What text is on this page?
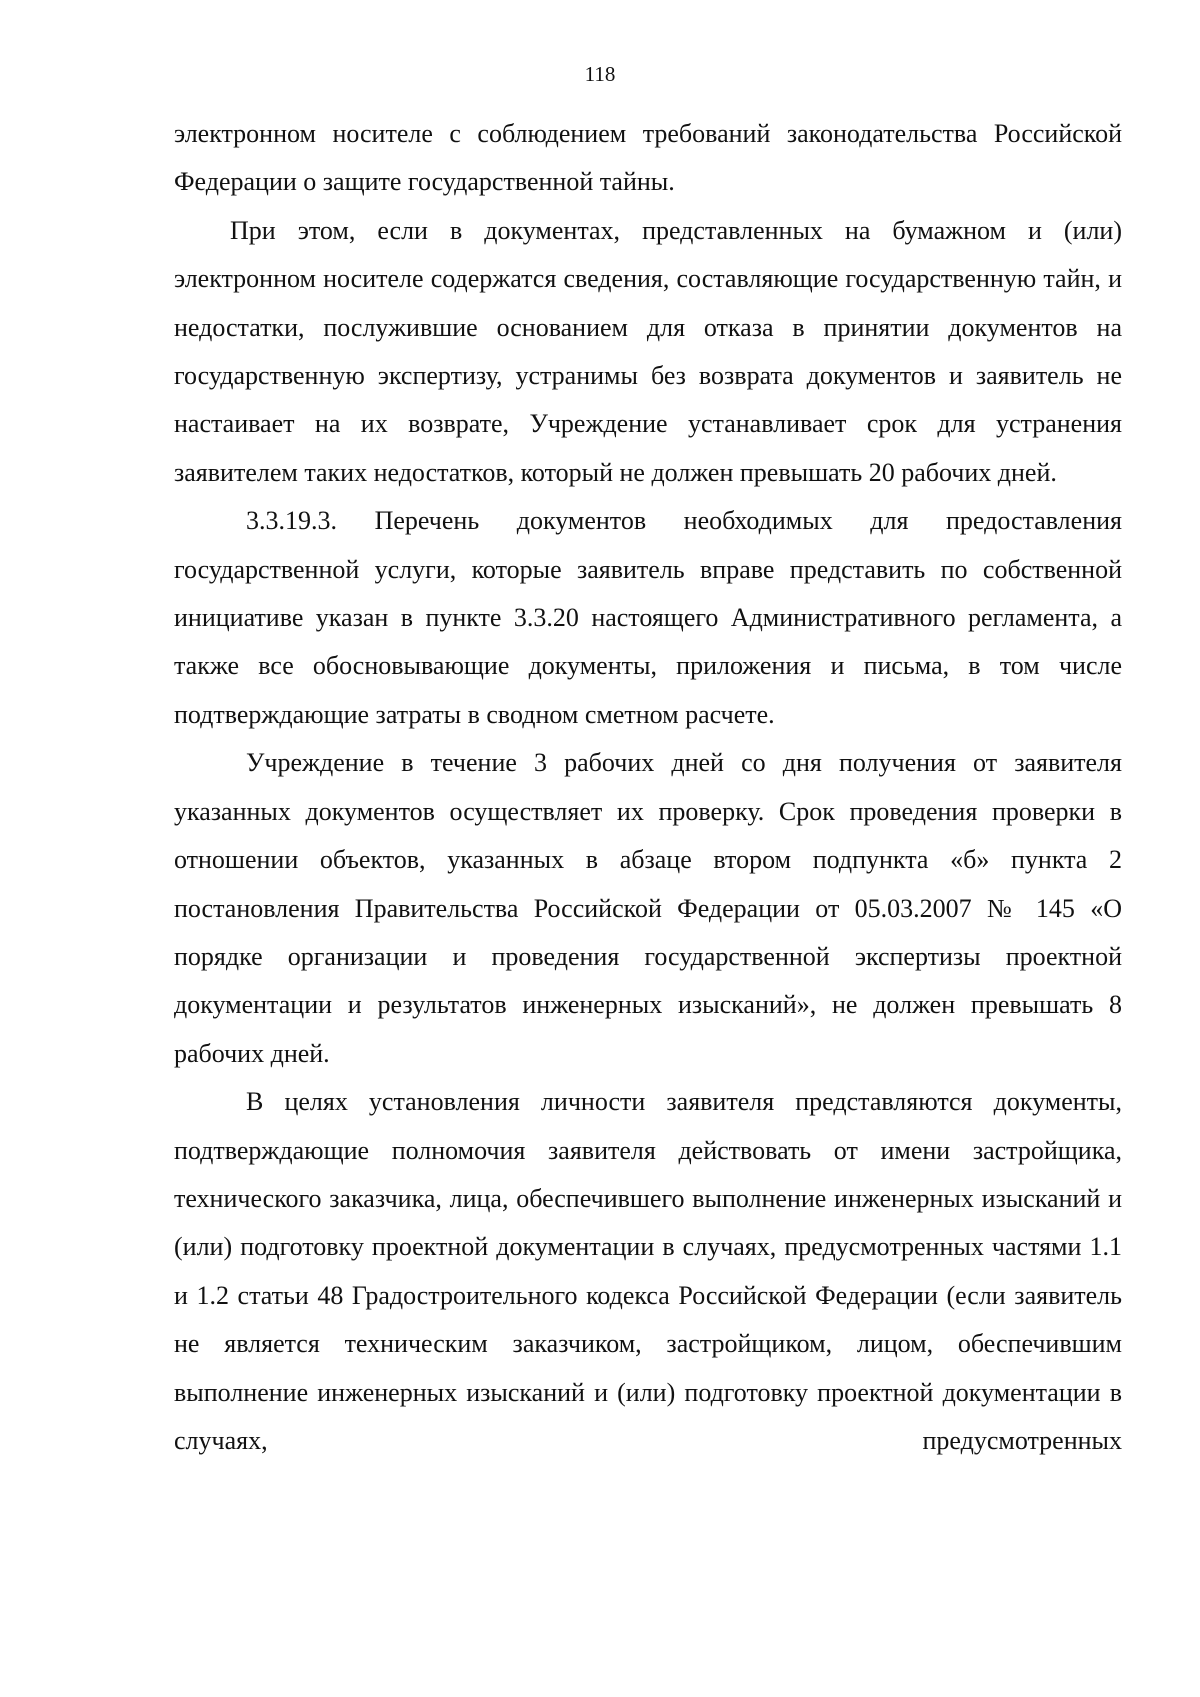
118

электронном носителе с соблюдением требований законодательства Российской Федерации о защите государственной тайны.

При этом, если в документах, представленных на бумажном и (или) электронном носителе содержатся сведения, составляющие государственную тайн, и недостатки, послужившие основанием для отказа в принятии документов на государственную экспертизу, устранимы без возврата документов и заявитель не настаивает на их возврате, Учреждение устанавливает срок для устранения заявителем таких недостатков, который не должен превышать 20 рабочих дней.

3.3.19.3. Перечень документов необходимых для предоставления государственной услуги, которые заявитель вправе представить по собственной инициативе указан в пункте 3.3.20 настоящего Административного регламента, а также все обосновывающие документы, приложения и письма, в том числе подтверждающие затраты в сводном сметном расчете.

Учреждение в течение 3 рабочих дней со дня получения от заявителя указанных документов осуществляет их проверку. Срок проведения проверки в отношении объектов, указанных в абзаце втором подпункта «б» пункта 2 постановления Правительства Российской Федерации от 05.03.2007 № 145 «О порядке организации и проведения государственной экспертизы проектной документации и результатов инженерных изысканий», не должен превышать 8 рабочих дней.

В целях установления личности заявителя представляются документы, подтверждающие полномочия заявителя действовать от имени застройщика, технического заказчика, лица, обеспечившего выполнение инженерных изысканий и (или) подготовку проектной документации в случаях, предусмотренных частями 1.1 и 1.2 статьи 48 Градостроительного кодекса Российской Федерации (если заявитель не является техническим заказчиком, застройщиком, лицом, обеспечившим выполнение инженерных изысканий и (или) подготовку проектной документации в случаях, предусмотренных
